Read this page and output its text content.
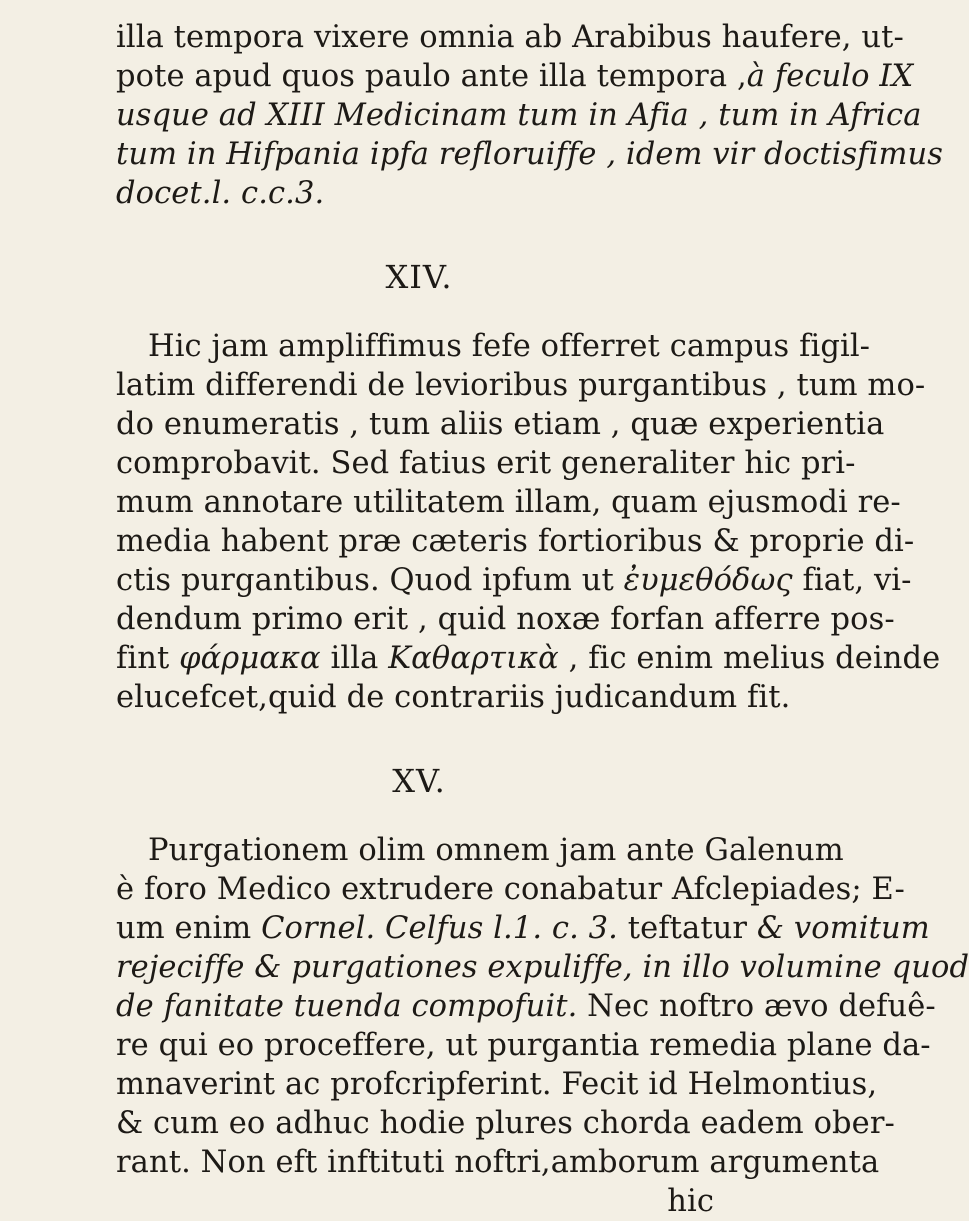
illa tempora vixere omnia ab Arabibus haufere, ut-
pote apud quos paulo ante illa tempora ,à feculo IX
usque ad XIII Medicinam tum in Afia , tum in Africa
tum in Hifpania ipfa refloruiffe , idem vir doctisfimus
docet.l. c.c.3.
XIV.
Hic jam ampliffimus fefe offerret campus figil-
latim differendi de levioribus purgantibus , tum mo-
do enumeratis , tum aliis etiam , quæ experientia
comprobavit. Sed fatius erit generaliter hic pri-
mum annotare utilitatem illam, quam ejusmodi re-
media habent præ cæteris fortioribus & proprie di-
ctis purgantibus. Quod ipfum ut ἐυμεθόδως fiat, vi-
dendum primo erit , quid noxæ forfan afferre pos-
fint φάρμακα illa Καθαρτικὰ , fic enim melius deinde
elucefcet,quid de contrariis judicandum fit.
XV.
Purgationem olim omnem jam ante Galenum
è foro Medico extrudere conabatur Afclepiades; E-
um enim Cornel. Celfus l.1. c. 3. teftatur & vomitum
rejeciffe & purgationes expuliffe, in illo volumine quod
de fanitate tuenda compofuit. Nec noftro ævo defuê-
re qui eo proceffere, ut purgantia remedia plane da-
mnaverint ac profcripferint. Fecit id Helmontius,
& cum eo adhuc hodie plures chorda eadem ober-
rant. Non eft inftituti noftri,amborum argumenta
hic
